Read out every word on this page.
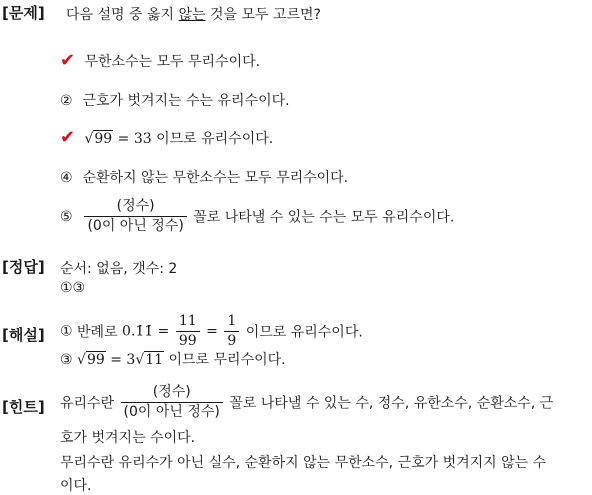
[문제] 다음 설명 중 옳지 않는 것을 모두 고르면?
✔ 무한소수는 모두 무리수이다.
② 근호가 벗겨지는 수는 유리수이다.
✔ √99 = 33 이므로 유리수이다.
④ 순환하지 않는 무한소수는 모두 무리수이다.
⑤ $\frac{\text{(정수)}}{\text{(0이 아닌 정수)}}$ 꼴로 나타낼 수 있는 수는 모두 유리수이다.
[정답] 순서: 없음, 갯수: 2
①③
[해설] ① 반례로 0.1̇1̇ = $\frac{11}{99} = \frac{1}{9}$ 이므로 유리수이다.
③ √99 = 3√11 이므로 무리수이다.
[힌트] 유리수란 $\frac{\text{(정수)}}{\text{(0이 아닌 정수)}}$ 꼴로 나타낼 수 있는 수, 정수, 유한소수, 순환소수, 근
호가 벗겨지는 수이다.
무리수란 유리수가 아닌 실수, 순환하지 않는 무한소수, 근호가 벗겨지지 않는 수
이다.
